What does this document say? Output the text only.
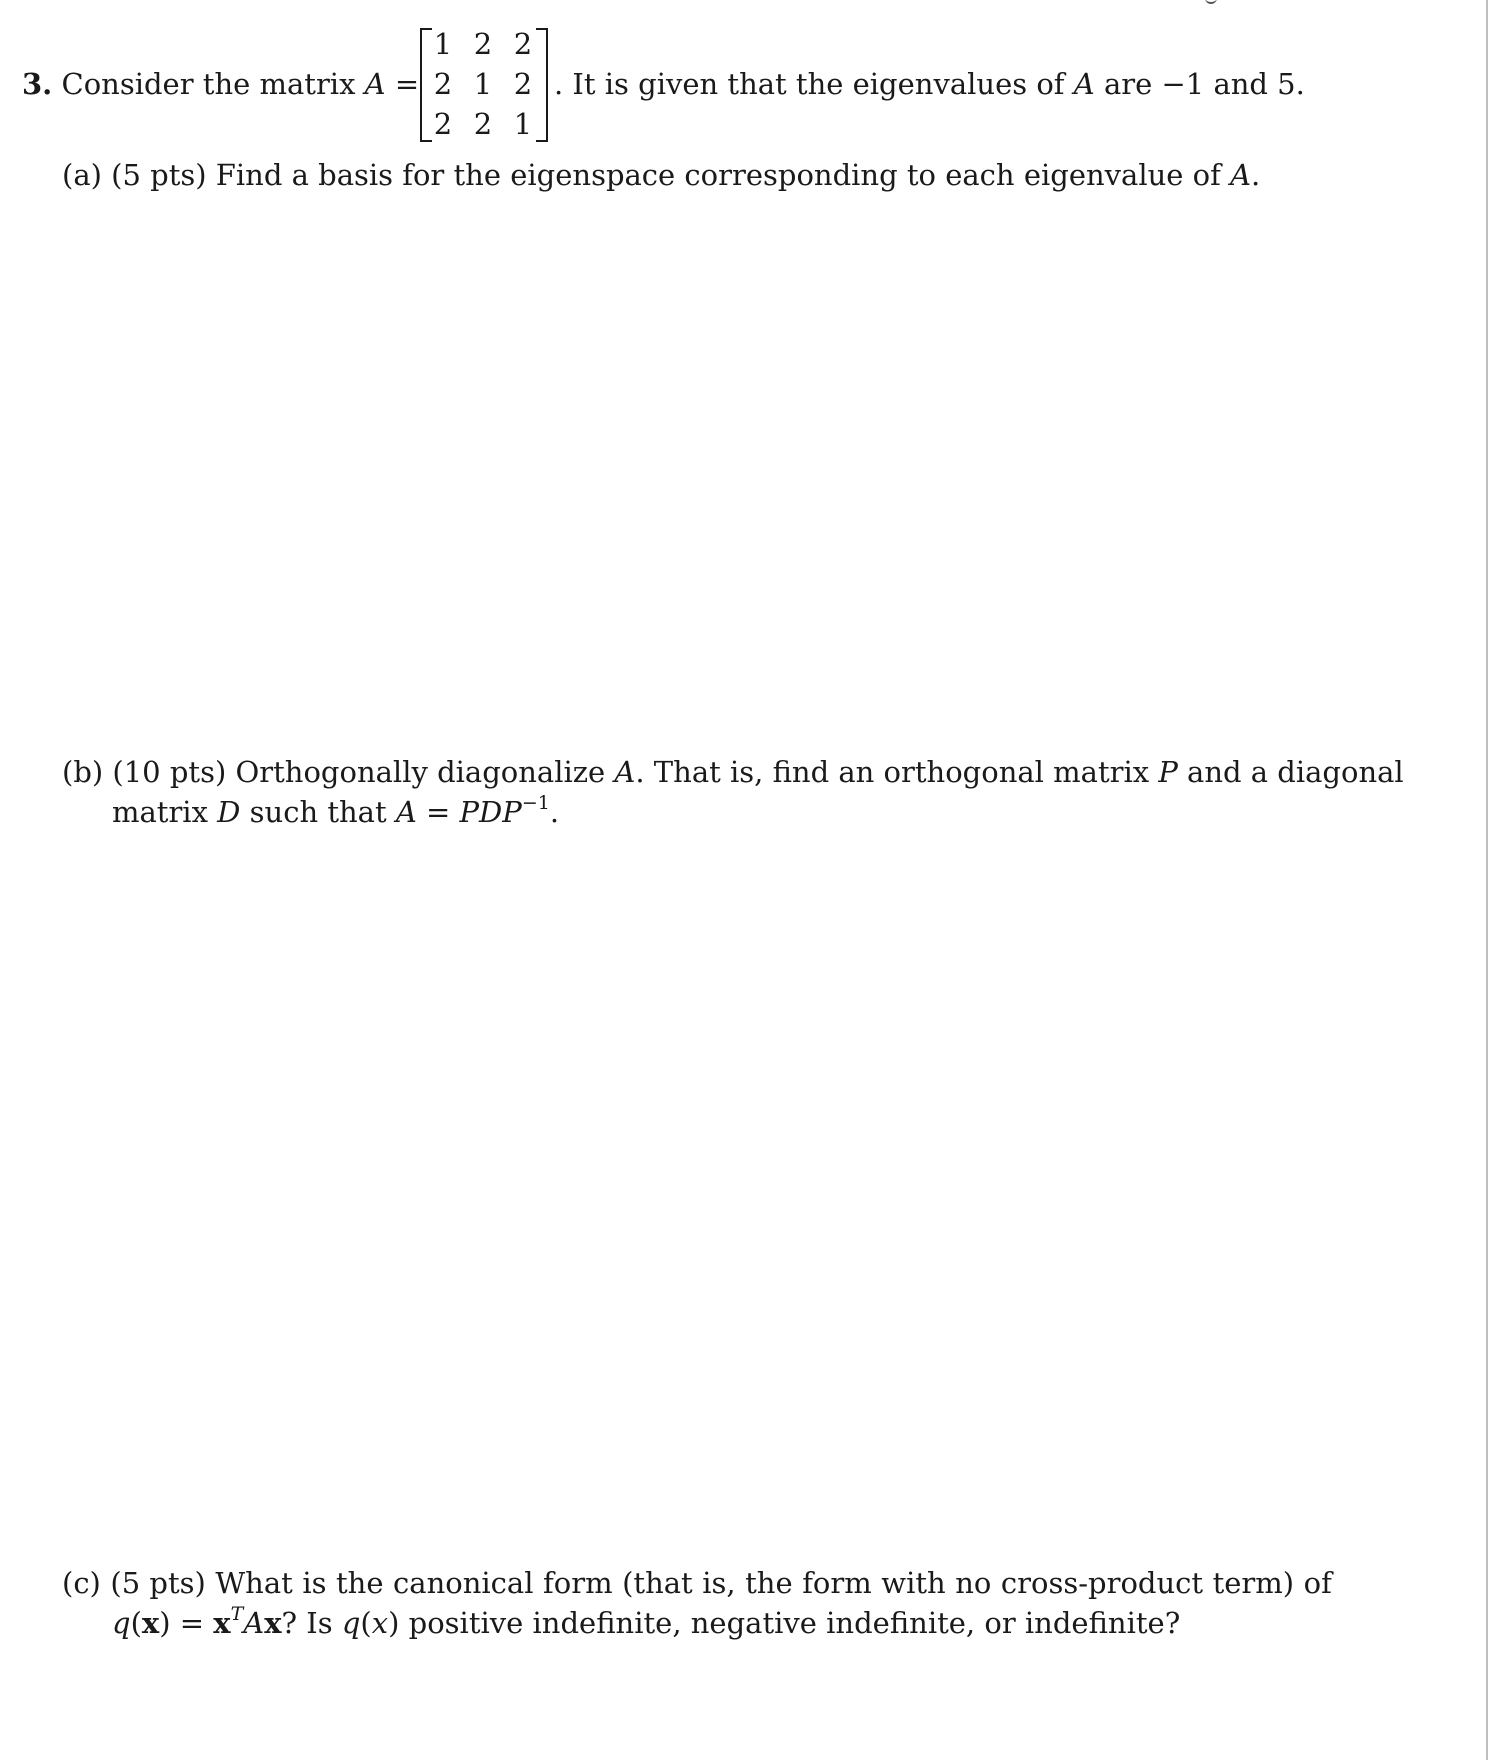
3. Consider the matrix A =
1 2 2
2 1 2
2 2 1
. It is given that the eigenvalues of A are −1 and 5.
(a) (5 pts) Find a basis for the eigenspace corresponding to each eigenvalue of A.
(b) (10 pts) Orthogonally diagonalize A. That is, find an orthogonal matrix P and a diagonal
matrix D such that $A = PDP^{-1}$.
(c) (5 pts) What is the canonical form (that is, the form with no cross-product term) of
$q(x) = x^TAx$? Is q(x) positive indefinite, negative indefinite, or indefinite?
